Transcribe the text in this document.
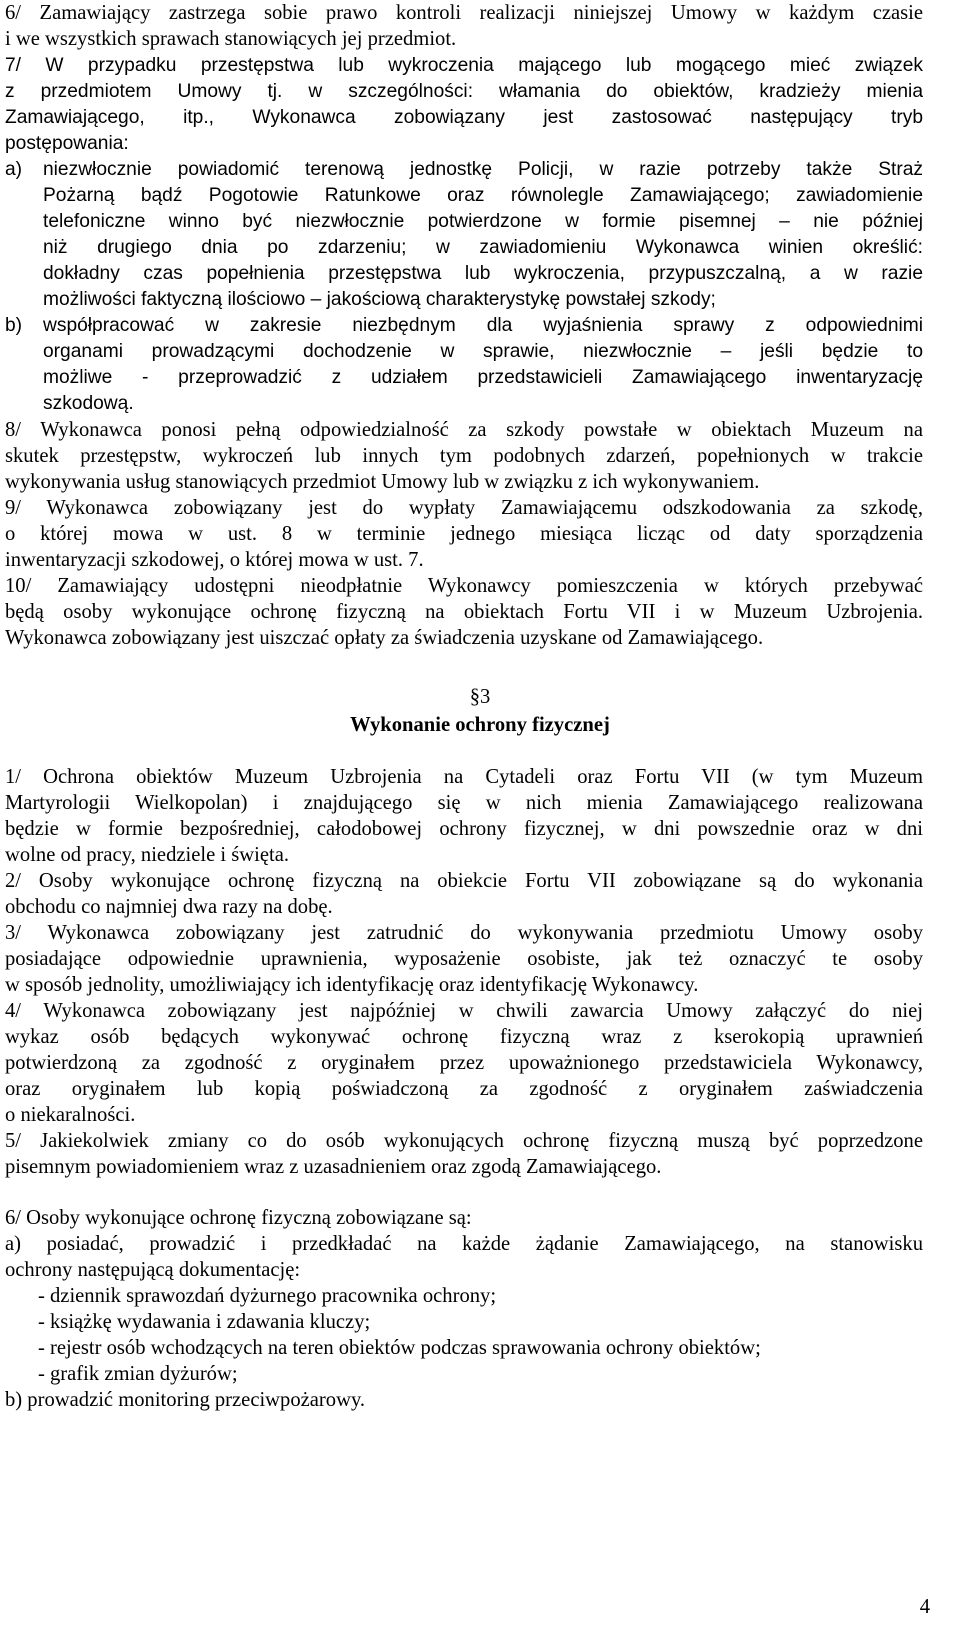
6/ Zamawiający zastrzega sobie prawo kontroli realizacji niniejszej Umowy w każdym czasie
i we wszystkich sprawach stanowiących jej przedmiot.
7/ W przypadku przestępstwa lub wykroczenia mającego lub mogącego mieć związek
z przedmiotem Umowy tj. w szczególności: włamania do obiektów, kradzieży mienia
Zamawiającego, itp., Wykonawca zobowiązany jest zastosować następujący tryb
postępowania:
a) niezwłocznie powiadomić terenową jednostkę Policji, w razie potrzeby także Straż
Pożarną bądź Pogotowie Ratunkowe oraz równolegle Zamawiającego; zawiadomienie
telefoniczne winno być niezwłocznie potwierdzone w formie pisemnej – nie później
niż drugiego dnia po zdarzeniu; w zawiadomieniu Wykonawca winien określić:
dokładny czas popełnienia przestępstwa lub wykroczenia, przypuszczalną, a w razie
możliwości faktyczną ilościowo – jakościową charakterystykę powstałej szkody;
b) współpracować w zakresie niezbędnym dla wyjaśnienia sprawy z odpowiednimi
organami prowadzącymi dochodzenie w sprawie, niezwłocznie – jeśli będzie to
możliwe - przeprowadzić z udziałem przedstawicieli Zamawiającego inwentaryzację
szkodową.
8/ Wykonawca ponosi pełną odpowiedzialność za szkody powstałe w obiektach Muzeum na
skutek przestępstw, wykroczeń lub innych tym podobnych zdarzeń, popełnionych w trakcie
wykonywania usług stanowiących przedmiot Umowy lub w związku z ich wykonywaniem.
9/ Wykonawca zobowiązany jest do wypłaty Zamawiającemu odszkodowania za szkodę,
o której mowa w ust. 8 w terminie jednego miesiąca licząc od daty sporządzenia
inwentaryzacji szkodowej, o której mowa w ust. 7.
10/ Zamawiający udostępni nieodpłatnie Wykonawcy pomieszczenia w których przebywać
będą osoby wykonujące ochronę fizyczną na obiektach Fortu VII i w Muzeum Uzbrojenia.
Wykonawca zobowiązany jest uiszczać opłaty za świadczenia uzyskane od Zamawiającego.
§3
Wykonanie ochrony fizycznej
1/ Ochrona obiektów Muzeum Uzbrojenia na Cytadeli oraz Fortu VII (w tym Muzeum
Martyrologii Wielkopolan) i znajdującego się w nich mienia Zamawiającego realizowana
będzie w formie bezpośredniej, całodobowej ochrony fizycznej, w dni powszednie oraz w dni
wolne od pracy, niedziele i święta.
2/ Osoby wykonujące ochronę fizyczną na obiekcie Fortu VII zobowiązane są do wykonania
obchodu co najmniej dwa razy na dobę.
3/ Wykonawca zobowiązany jest zatrudnić do wykonywania przedmiotu Umowy osoby
posiadające odpowiednie uprawnienia, wyposażenie osobiste, jak też oznaczyć te osoby
w sposób jednolity, umożliwiający ich identyfikację oraz identyfikację Wykonawcy.
4/ Wykonawca zobowiązany jest najpóźniej w chwili zawarcia Umowy załączyć do niej
wykaz osób będących wykonywać ochronę fizyczną wraz z kserokopią uprawnień
potwierdzoną za zgodność z oryginałem przez upoważnionego przedstawiciela Wykonawcy,
oraz oryginałem lub kopią poświadczoną za zgodność z oryginałem zaświadczenia
o niekaralności.
5/ Jakiekolwiek zmiany co do osób wykonujących ochronę fizyczną muszą być poprzedzone
pisemnym powiadomieniem wraz z uzasadnieniem oraz zgodą Zamawiającego.
6/ Osoby wykonujące ochronę fizyczną zobowiązane są:
a) posiadać, prowadzić i przedkładać na każde żądanie Zamawiającego, na stanowisku
ochrony następującą dokumentację:
- dziennik sprawozdań dyżurnego pracownika ochrony;
- książkę wydawania i zdawania kluczy;
- rejestr osób wchodzących na teren obiektów podczas sprawowania ochrony obiektów;
- grafik zmian dyżurów;
b) prowadzić monitoring przeciwpożarowy.
4
